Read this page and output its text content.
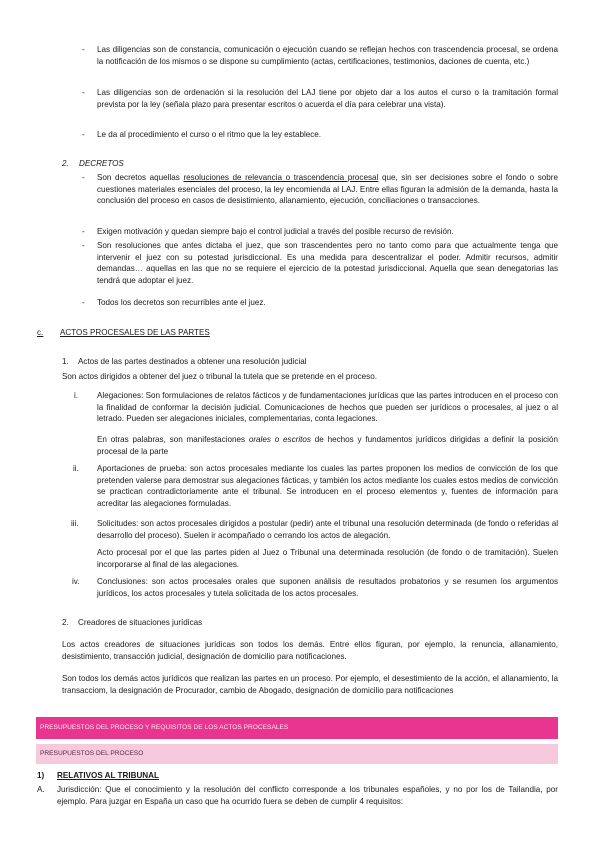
- Las diligencias son de constancia, comunicación o ejecución cuando se reflejan hechos con trascendencia procesal, se ordena la notificación de los mismos o se dispone su cumplimiento (actas, certificaciones, testimonios, daciones de cuenta, etc.)

- Las diligencias son de ordenación si la resolución del LAJ tiene por objeto dar a los autos el curso o la tramitación formal prevista por la ley (señala plazo para presentar escritos o acuerda el día para celebrar una vista).

- Le da al procedimiento el curso o el ritmo que la ley establece.

2. DECRETOS
- Son decretos aquellas resoluciones de relevancia o trascendencia procesal que, sin ser decisiones sobre el fondo o sobre cuestiones materiales esenciales del proceso, la ley encomienda al LAJ. Entre ellas figuran la admisión de la demanda, hasta la conclusión del proceso en casos de desistimiento, allanamiento, ejecución, conciliaciones o transacciones.

- Exigen motivación y quedan siempre bajo el control judicial a través del posible recurso de revisión.

- Son resoluciones que antes dictaba el juez, que son trascendentes pero no tanto como para que actualmente tenga que intervenir el juez con su potestad jurisdiccional. Es una medida para descentralizar el poder. Admitir recursos, admitir demandas… aquellas en las que no se requiere el ejercicio de la potestad jurisdiccional. Aquella que sean denegatorias las tendrá que adoptar el juez.

- Todos los decretos son recurribles ante el juez.

c. ACTOS PROCESALES DE LAS PARTES
1. Actos de las partes destinados a obtener una resolución judicial

Son actos dirigidos a obtener del juez o tribunal la tutela que se pretende en el proceso.

i. Alegaciones: Son formulaciones de relatos fácticos y de fundamentaciones jurídicas que las partes introducen en el proceso con la finalidad de conformar la decisión judicial. Comunicaciones de hechos que pueden ser jurídicos o procesales, al juez o al letrado. Pueden ser alegaciones iniciales, complementarias, conta legaciones.

En otras palabras, son manifestaciones orales o escritos de hechos y fundamentos jurídicos dirigidas a definir la posición procesal de la parte

ii. Aportaciones de prueba: son actos procesales mediante los cuales las partes proponen los medios de convicción de los que pretenden valerse para demostrar sus alegaciones fácticas, y también los actos mediante los cuales estos medios de convicción se practican contradictoriamente ante el tribunal. Se introducen en el proceso elementos y, fuentes de información para acreditar las alegaciones formuladas.

iii. Solicitudes: son actos procesales dirigidos a postular (pedir) ante el tribunal una resolución determinada (de fondo o referidas al desarrollo del proceso). Suelen ir acompañado o cerrando los actos de alegación.

Acto procesal por el que las partes piden al Juez o Tribunal una determinada resolución (de fondo o de tramitación). Suelen incorporarse al final de las alegaciones.

iv. Conclusiones: son actos procesales orales que suponen análisis de resultados probatorios y se resumen los argumentos jurídicos, los actos procesales y tutela solicitada de los actos procesales.

2. Creadores de situaciones jurídicas

Los actos creadores de situaciones jurídicas son todos los demás. Entre ellos figuran, por ejemplo, la renuncia, allanamiento, desistimiento, transacción judicial, designación de domicilio para notificaciones.

Son todos los demás actos jurídicos que realizan las partes en un proceso. Por ejemplo, el desestimiento de la acción, el allanamiento, la transacciom, la designación de Procurador, cambio de Abogado, designación de domicilio para notificaciones

PRESUPUESTOS DEL PROCESO Y REQUISITOS DE LOS ACTOS PROCESALES
PRESUPUESTOS DEL PROCESO
1) RELATIVOS AL TRIBUNAL
A. Jurisdicción: Que el conocimiento y la resolución del conflicto corresponde a los tribunales españoles, y no por los de Tailandia, por ejemplo. Para juzgar en España un caso que ha ocurrido fuera se deben de cumplir 4 requisitos:
